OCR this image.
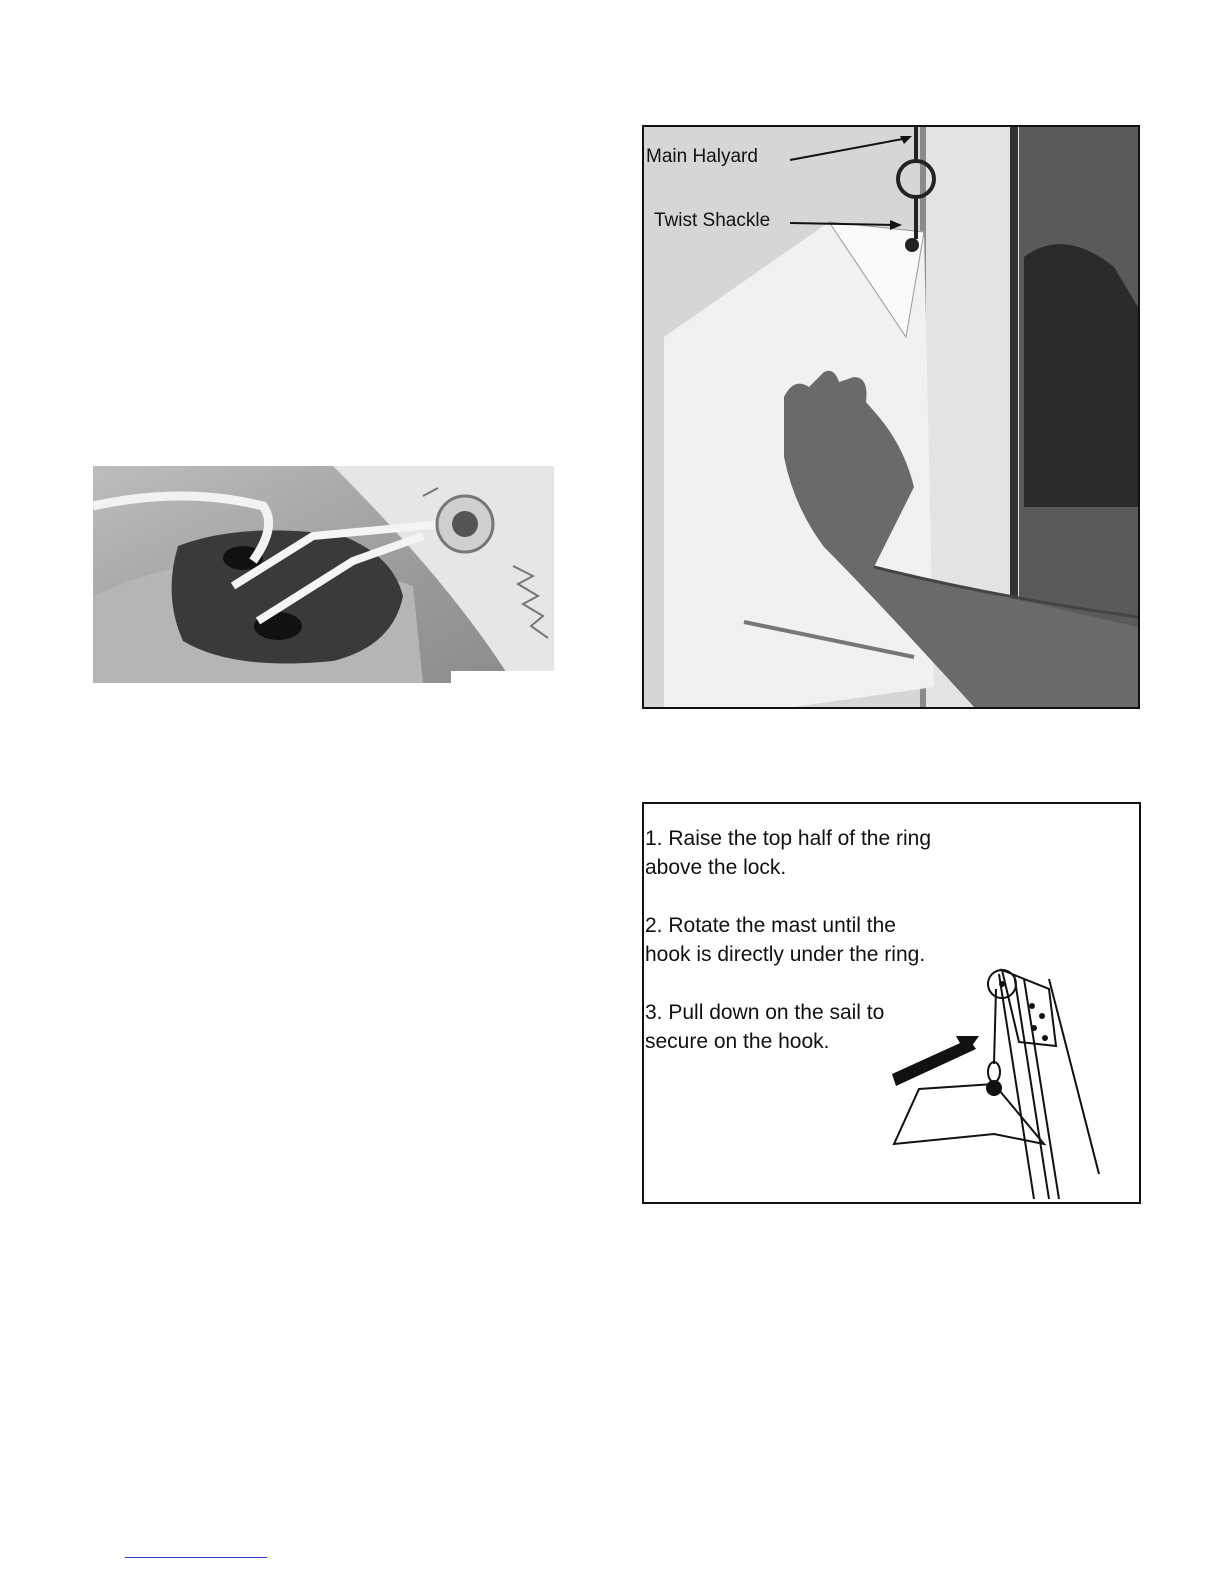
Main Halyard
Twist Shackle

1. Raise the top half of the ring above the lock.

2. Rotate the mast until the hook is directly under the ring.

3. Pull down on the sail to secure on the hook.
